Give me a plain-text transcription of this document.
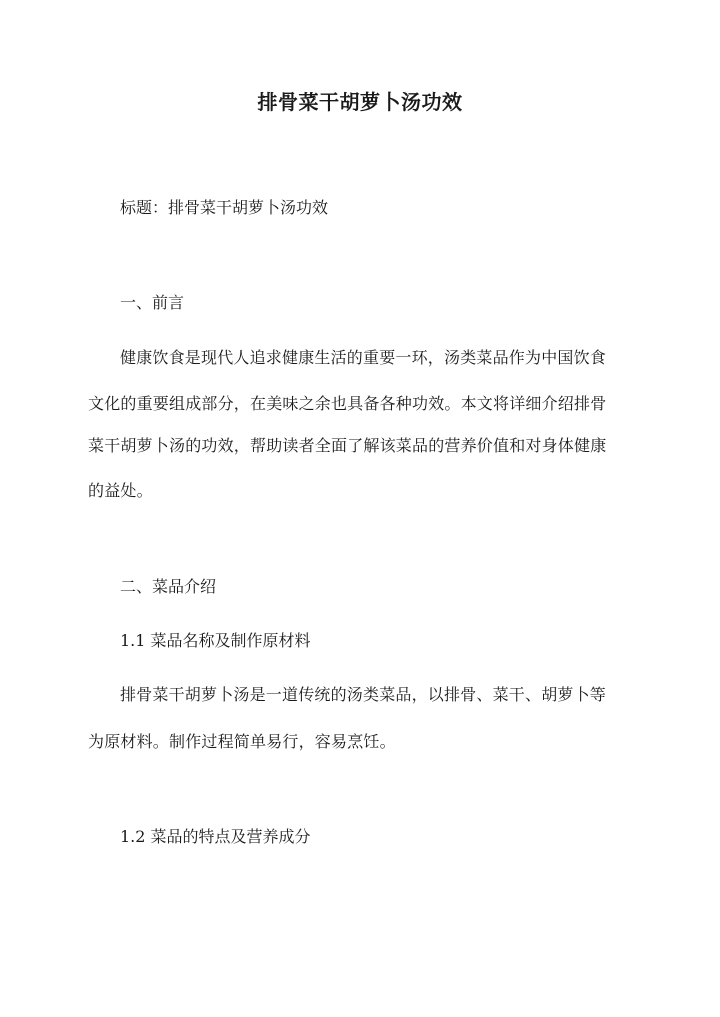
排骨菜干胡萝卜汤功效
标题：排骨菜干胡萝卜汤功效
一、前言
健康饮食是现代人追求健康生活的重要一环，汤类菜品作为中国饮食
文化的重要组成部分，在美味之余也具备各种功效。本文将详细介绍排骨
菜干胡萝卜汤的功效，帮助读者全面了解该菜品的营养价值和对身体健康
的益处。
二、菜品介绍
1.1 菜品名称及制作原材料
排骨菜干胡萝卜汤是一道传统的汤类菜品，以排骨、菜干、胡萝卜等
为原材料。制作过程简单易行，容易烹饪。
1.2 菜品的特点及营养成分
